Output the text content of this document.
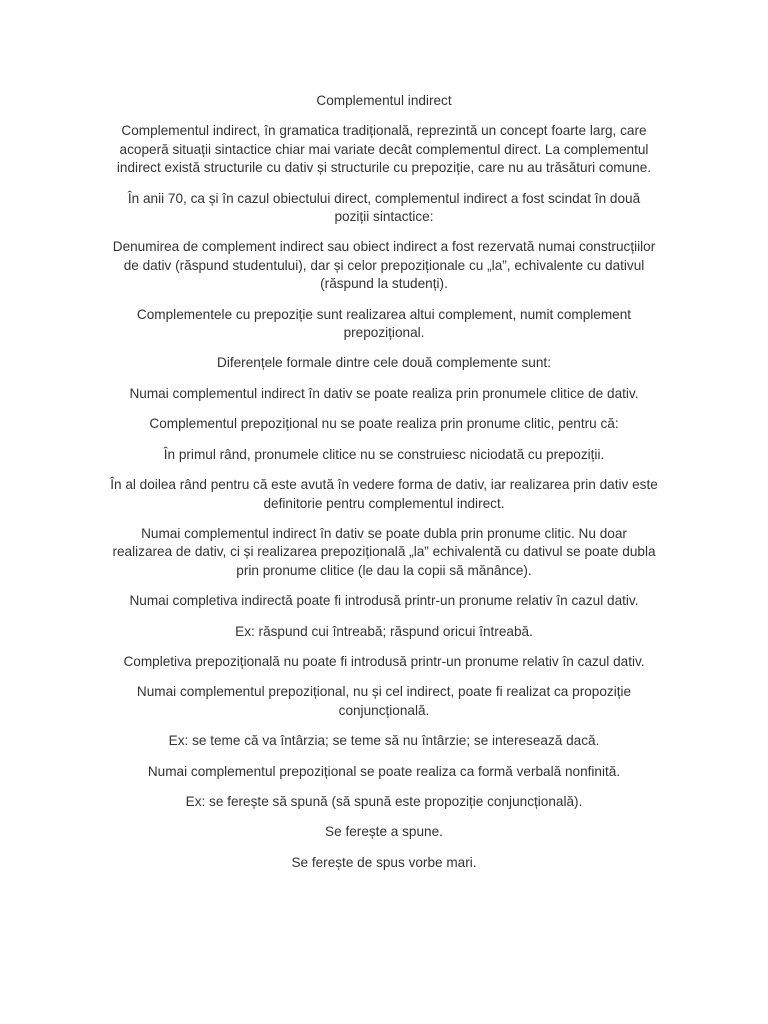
Complementul indirect

Complementul indirect, în gramatica tradițională, reprezintă un concept foarte larg, care acoperă situații sintactice chiar mai variate decât complementul direct. La complementul indirect există structurile cu dativ și structurile cu prepoziție, care nu au trăsături comune.

În anii 70, ca și în cazul obiectului direct, complementul indirect a fost scindat în două poziții sintactice:

Denumirea de complement indirect sau obiect indirect a fost rezervată numai construcțiilor de dativ (răspund studentului), dar și celor prepoziționale cu „la”, echivalente cu dativul (răspund la studenți).

Complementele cu prepoziție sunt realizarea altui complement, numit complement prepozițional.

Diferențele formale dintre cele două complemente sunt:

Numai complementul indirect în dativ se poate realiza prin pronumele clitice de dativ.

Complementul prepozițional nu se poate realiza prin pronume clitic, pentru că:

În primul rând, pronumele clitice nu se construiesc niciodată cu prepoziții.

În al doilea rând pentru că este avută în vedere forma de dativ, iar realizarea prin dativ este definitorie pentru complementul indirect.

Numai complementul indirect în dativ se poate dubla prin pronume clitic. Nu doar realizarea de dativ, ci și realizarea prepozițională „la” echivalentă cu dativul se poate dubla prin pronume clitice (le dau la copii să mănânce).

Numai completiva indirectă poate fi introdusă printr-un pronume relativ în cazul dativ.

Ex: răspund cui întreabă; răspund oricui întreabă.

Completiva prepozițională nu poate fi introdusă printr-un pronume relativ în cazul dativ.

Numai complementul prepozițional, nu și cel indirect, poate fi realizat ca propoziție conjuncțională.

Ex: se teme că va întârzia; se teme să nu întârzie; se interesează dacă.

Numai complementul prepozițional se poate realiza ca formă verbală nonfinită.

Ex: se ferește să spună (să spună este propoziție conjuncțională).

Se ferește a spune.

Se ferește de spus vorbe mari.
